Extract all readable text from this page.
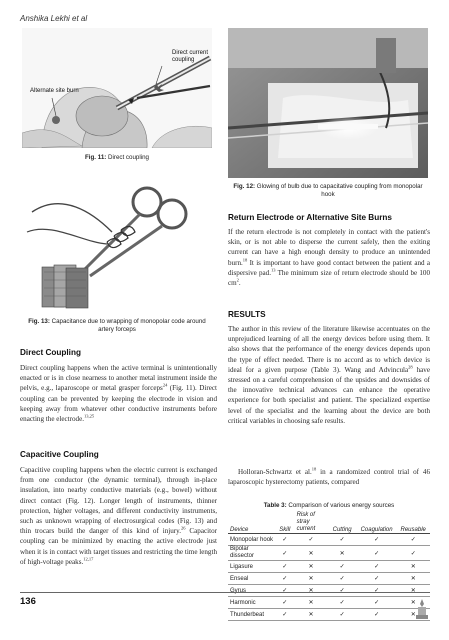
Anshika Lekhi et al
Alternate site burn
Direct current coupling
Fig. 11: Direct coupling
Fig. 12: Glowing of bulb due to capacitative coupling from monopolar hook
Fig. 13: Capacitance due to wrapping of monopolar code around artery forceps
Direct Coupling
Direct coupling happens when the active terminal is unintentionally enacted or is in close nearness to another metal instrument inside the pelvis, e.g., laparoscope or metal grasper forceps$^{24}$ (Fig. 11). Direct coupling can be prevented by keeping the electrode in vision and keeping away from whatever other conductive instruments before enacting the electrode.$^{13,25}$
Capacitive Coupling
Capacitive coupling happens when the electric current is exchanged from one conductor (the dynamic terminal), through in-place insulation, into nearby conductive materials (e.g., bowel) without direct contact (Fig. 12). Longer length of instruments, thinner protection, higher voltages, and different conductivity instruments, such as unknown wrapping of electrosurgical codes (Fig. 13) and thin trocars build the danger of this kind of injury.$^{26}$ Capacitor coupling can be minimized by enacting the active electrode just when it is in contact with target tissues and restricting the time length of high-voltage peaks.$^{12,17}$
Return Electrode or Alternative Site Burns
If the return electrode is not completely in contact with the patient's skin, or is not able to disperse the current safely, then the exiting current can have a high enough density to produce an unintended burn.$^{18}$ It is important to have good contact between the patient and a dispersive pad.$^{13}$ The minimum size of return electrode should be 100 $cm^2$.
RESULTS
The author in this review of the literature likewise accentuates on the unprejudiced learning of all the energy devices before using them. It also shows that the performance of the energy devices depends upon the type of effect needed. There is no accord as to which device is ideal for a given purpose (Table 3). Wang and Advincula$^{28}$ have stressed on a careful comprehension of the upsides and downsides of the innovative technical advances can enhance the operative experience for both specialist and patient. The specialized expertise level of the specialist and the learning about the device are both critical variables in choosing safe results.
Holloran-Schwartz et al.$^{18}$ in a randomized control trial of 46 laparoscopic hysterectomy patients, compared
Table 3: Comparison of various energy sources
Device	Skill	Risk of stray current	Cutting	Coagulation	Reusable
Monopolar hook	✓	✓	✓	✓	✓
Bipolar dissector	✓	✕	✕	✓	✓
Ligasure	✓	✕	✓	✓	✕
Enseal	✓	✕	✓	✓	✕
Gyrus	✓	✕	✓	✓	✕
Harmonic	✓	✕	✓	✓	✕
Thunderbeat	✓	✕	✓	✓	✕
136
